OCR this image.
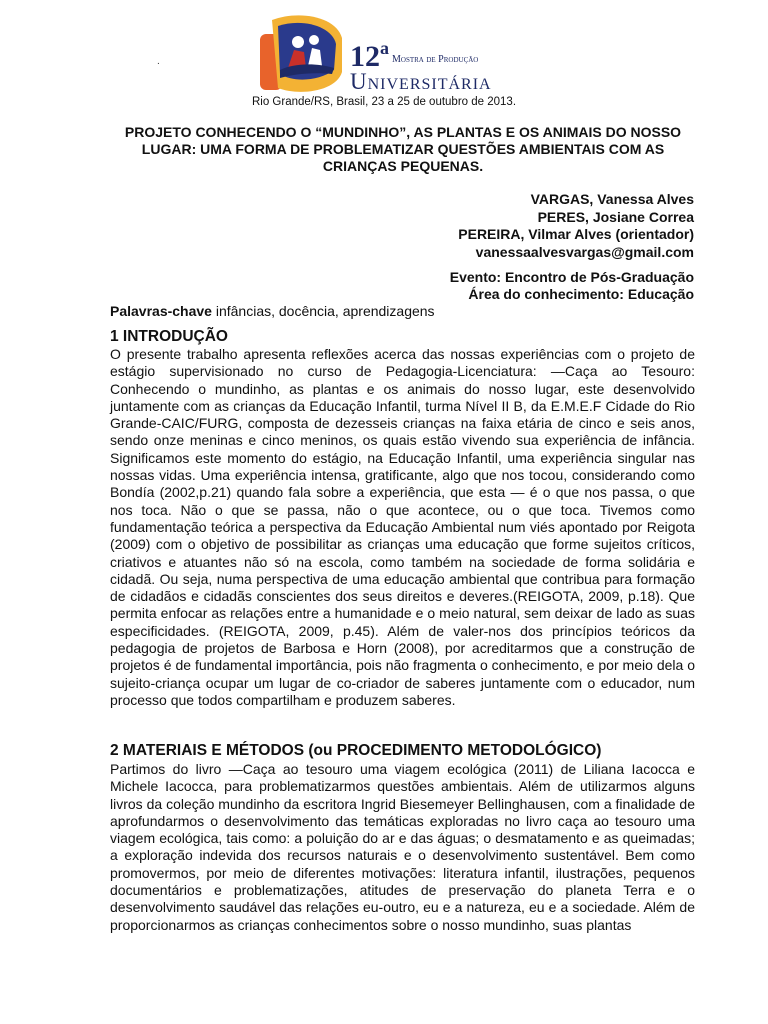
12$^a$
Mostra de Produção
Universitária
.
Rio Grande/RS, Brasil, 23 a 25 de outubro de 2013.
PROJETO CONHECENDO O “MUNDINHO”, AS PLANTAS E OS ANIMAIS DO NOSSO LUGAR: UMA FORMA DE PROBLEMATIZAR QUESTÕES AMBIENTAIS COM AS CRIANÇAS PEQUENAS.
VARGAS, Vanessa Alves
PERES, Josiane Correa
PEREIRA, Vilmar Alves (orientador)
vanessaalvesvargas@gmail.com
Evento: Encontro de Pós-Graduação
Área do conhecimento: Educação
Palavras-chave infâncias, docência, aprendizagens
1 INTRODUÇÃO
O presente trabalho apresenta reflexões acerca das nossas experiências com o projeto de estágio supervisionado no curso de Pedagogia-Licenciatura: ―Caça ao Tesouro: Conhecendo o mundinho, as plantas e os animais do nosso lugar, este desenvolvido juntamente com as crianças da Educação Infantil, turma Nível II B, da E.M.E.F Cidade do Rio Grande-CAIC/FURG, composta de dezesseis crianças na faixa etária de cinco e seis anos, sendo onze meninas e cinco meninos, os quais estão vivendo sua experiência de infância. Significamos este momento do estágio, na Educação Infantil, uma experiência singular nas nossas vidas. Uma experiência intensa, gratificante, algo que nos tocou, considerando como Bondía (2002,p.21) quando fala sobre a experiência, que esta ― é o que nos passa, o que nos toca. Não o que se passa, não o que acontece, ou o que toca. Tivemos como fundamentação teórica a perspectiva da Educação Ambiental num viés apontado por Reigota (2009) com o objetivo de possibilitar as crianças uma educação que forme sujeitos críticos, criativos e atuantes não só na escola, como também na sociedade de forma solidária e cidadã. Ou seja, numa perspectiva de uma educação ambiental que contribua para formação de cidadãos e cidadãs conscientes dos seus direitos e deveres.(REIGOTA, 2009, p.18). Que permita enfocar as relações entre a humanidade e o meio natural, sem deixar de lado as suas especificidades. (REIGOTA, 2009, p.45). Além de valer-nos dos princípios teóricos da pedagogia de projetos de Barbosa e Horn (2008), por acreditarmos que a construção de projetos é de fundamental importância, pois não fragmenta o conhecimento, e por meio dela o sujeito-criança ocupar um lugar de co-criador de saberes juntamente com o educador, num processo que todos compartilham e produzem saberes.
2 MATERIAIS E MÉTODOS (ou PROCEDIMENTO METODOLÓGICO)
Partimos do livro ―Caça ao tesouro uma viagem ecológica (2011) de Liliana Iacocca e Michele Iacocca, para problematizarmos questões ambientais. Além de utilizarmos alguns livros da coleção mundinho da escritora Ingrid Biesemeyer Bellinghausen, com a finalidade de aprofundarmos o desenvolvimento das temáticas exploradas no livro caça ao tesouro uma viagem ecológica, tais como: a poluição do ar e das águas; o desmatamento e as queimadas; a exploração indevida dos recursos naturais e o desenvolvimento sustentável. Bem como promovermos, por meio de diferentes motivações: literatura infantil, ilustrações, pequenos documentários e problematizações, atitudes de preservação do planeta Terra e o desenvolvimento saudável das relações eu-outro, eu e a natureza, eu e a sociedade. Além de proporcionarmos as crianças conhecimentos sobre o nosso mundinho, suas plantas
